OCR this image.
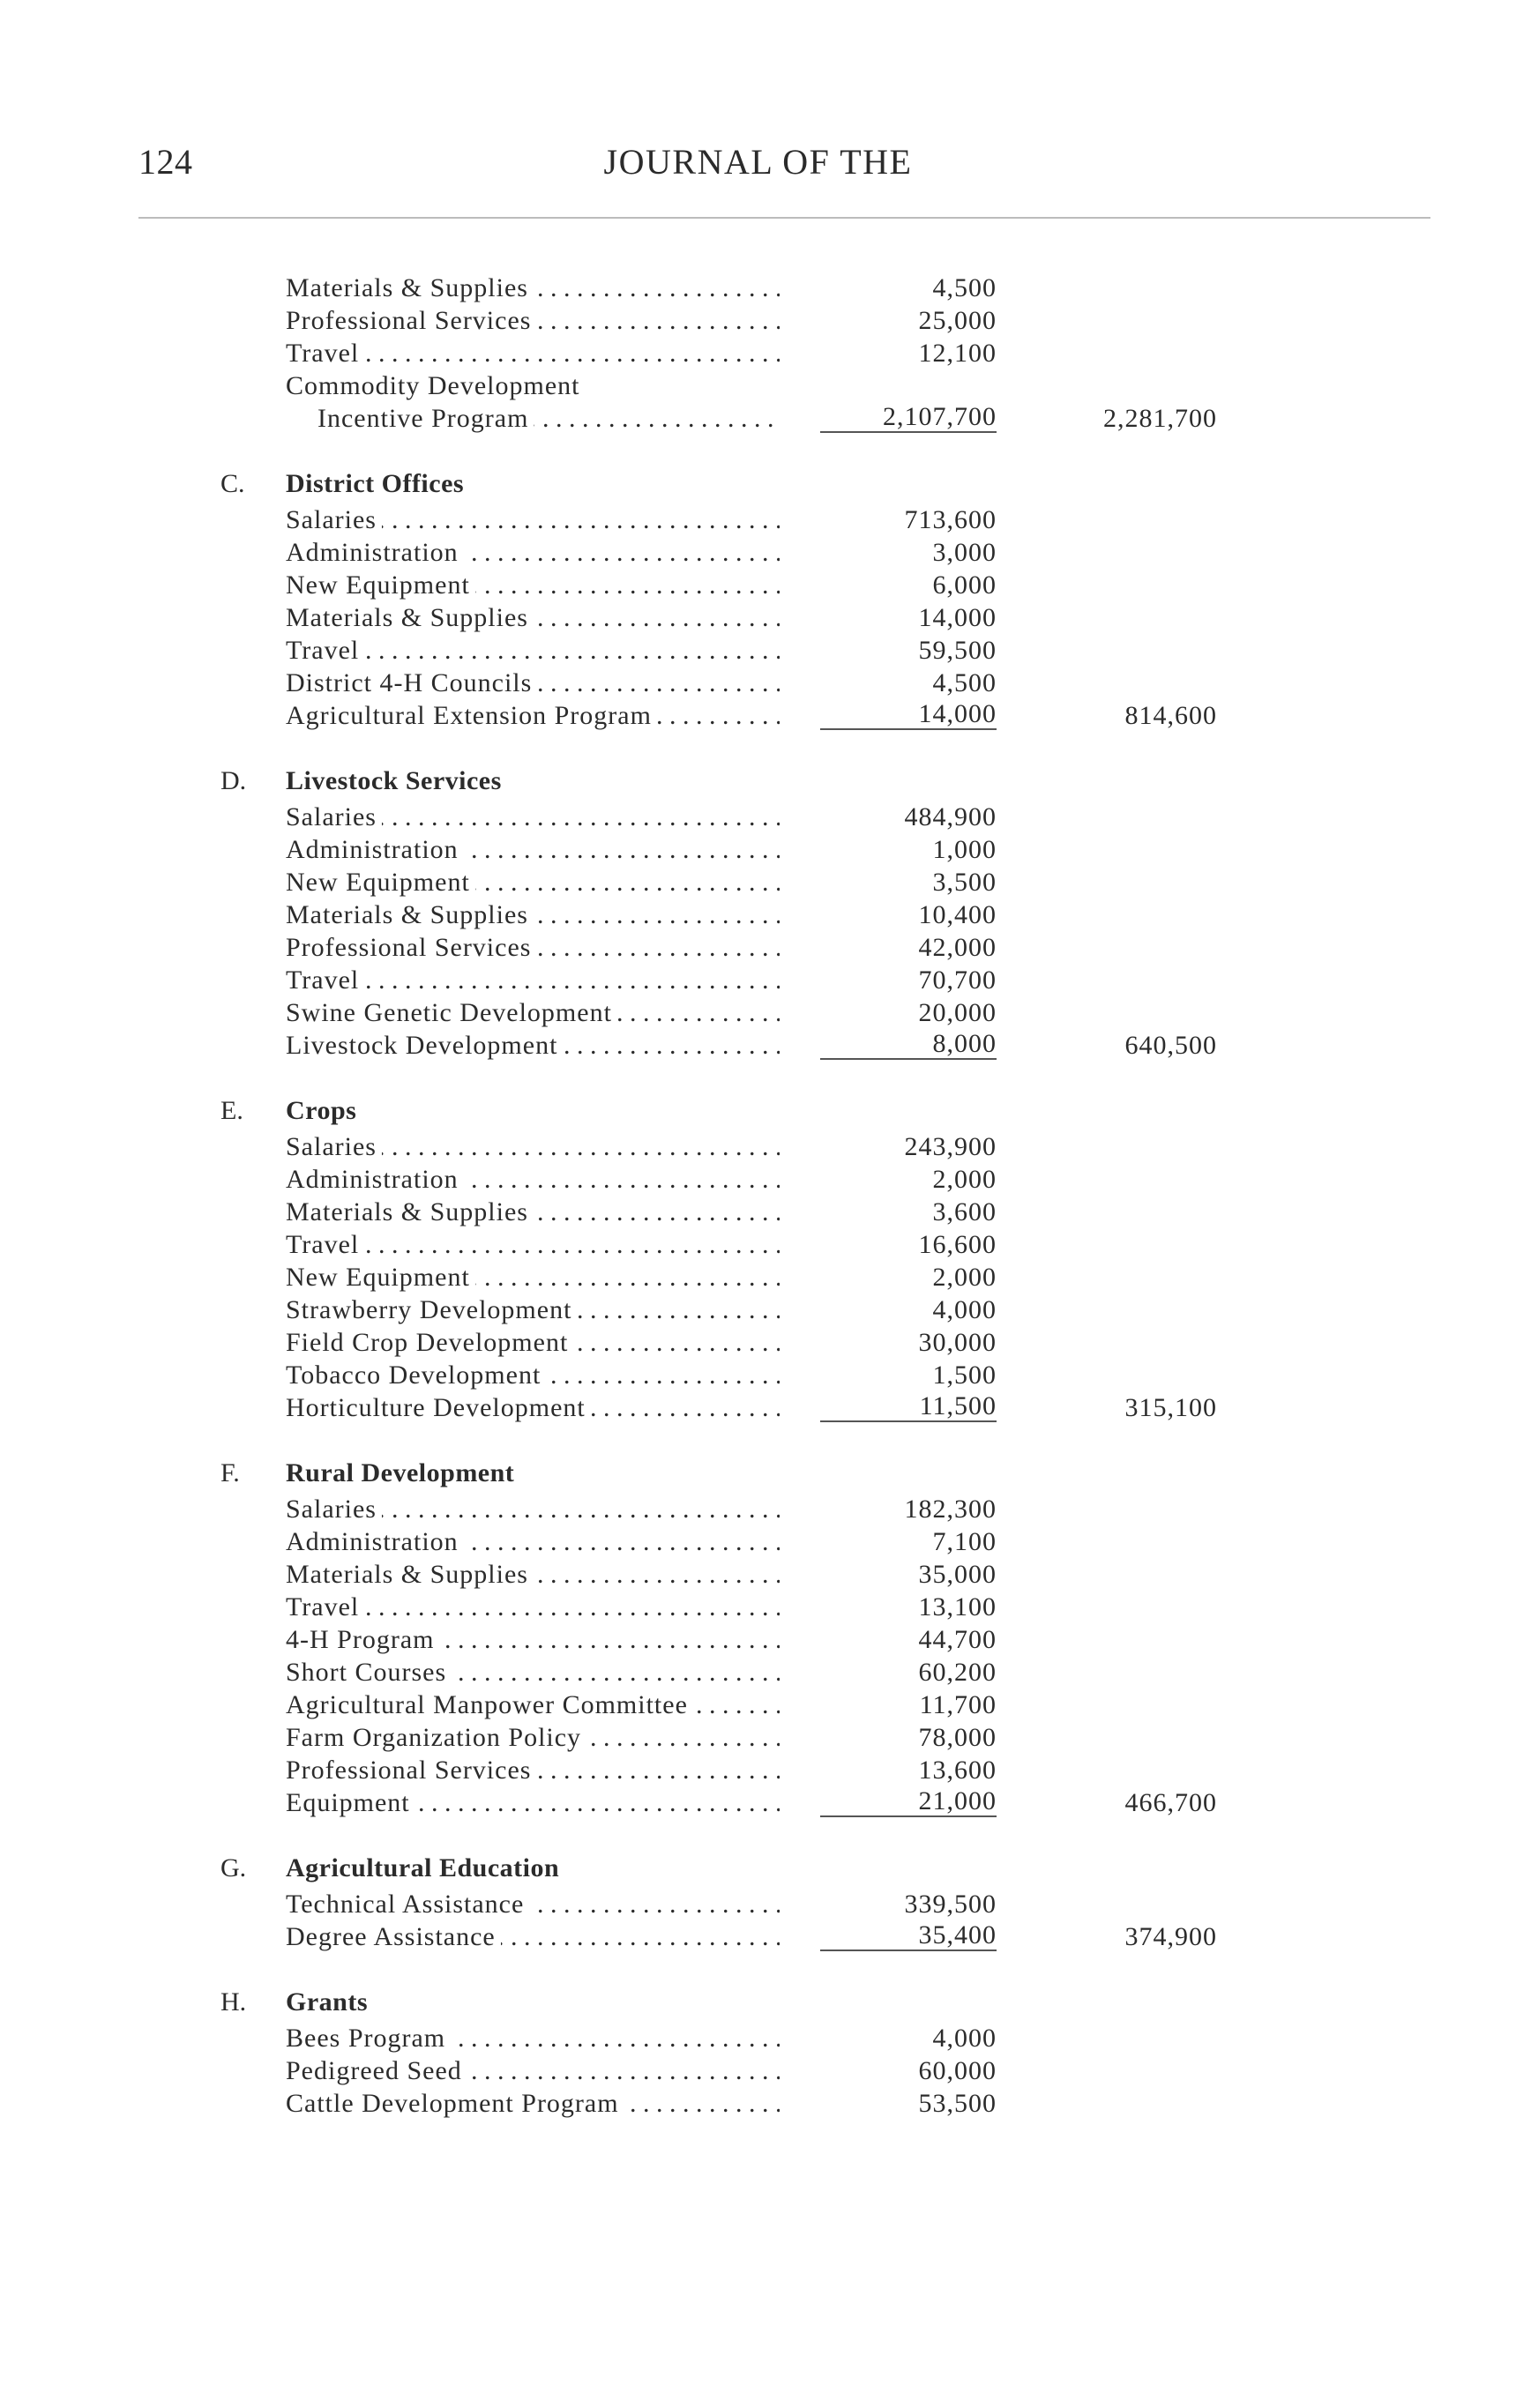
124	JOURNAL OF THE
Materials & Supplies . . .	4,500
Professional Services . . .	25,000
Travel . . .	12,100
Commodity Development
Incentive Program . . .	2,107,700	2,281,700
C. District Offices
Salaries . . .	713,600
Administration . . .	3,000
New Equipment . . .	6,000
Materials & Supplies . . .	14,000
Travel . . .	59,500
District 4-H Councils . . .	4,500
Agricultural Extension Program . . .	14,000	814,600
D. Livestock Services
Salaries . . .	484,900
Administration . . .	1,000
New Equipment . . .	3,500
Materials & Supplies . . .	10,400
Professional Services . . .	42,000
Travel . . .	70,700
Swine Genetic Development . . .	20,000
Livestock Development . . .	8,000	640,500
E. Crops
Salaries . . .	243,900
Administration . . .	2,000
Materials & Supplies . . .	3,600
Travel . . .	16,600
New Equipment . . .	2,000
Strawberry Development . . .	4,000
Field Crop Development . . .	30,000
Tobacco Development . . .	1,500
Horticulture Development . . .	11,500	315,100
F. Rural Development
Salaries . . .	182,300
Administration . . .	7,100
Materials & Supplies . . .	35,000
Travel . . .	13,100
4-H Program . . .	44,700
Short Courses . . .	60,200
Agricultural Manpower Committee . . .	11,700
Farm Organization Policy . . .	78,000
Professional Services . . .	13,600
Equipment . . .	21,000	466,700
G. Agricultural Education
Technical Assistance . . .	339,500
Degree Assistance . . .	35,400	374,900
H. Grants
Bees Program . . .	4,000
Pedigreed Seed . . .	60,000
Cattle Development Program . . .	53,500
